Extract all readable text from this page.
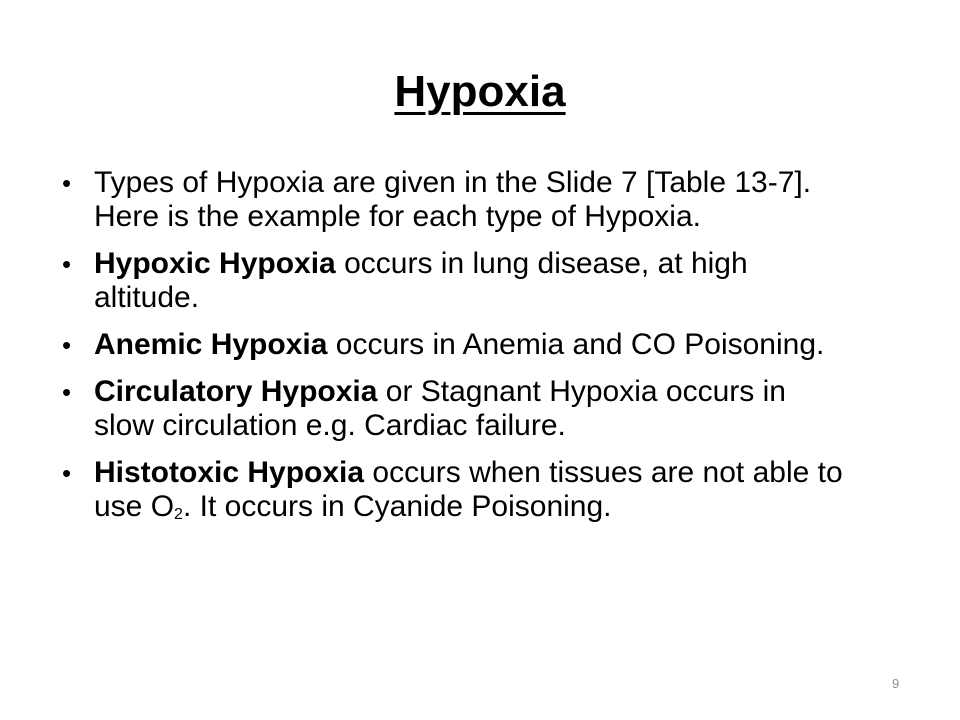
Hypoxia
• Types of Hypoxia are given in the Slide 7 [Table 13-7]. Here is the example for each type of Hypoxia.
• Hypoxic Hypoxia occurs in lung disease, at high altitude.
• Anemic Hypoxia occurs in Anemia and CO Poisoning.
• Circulatory Hypoxia or Stagnant Hypoxia occurs in slow circulation e.g. Cardiac failure.
• Histotoxic Hypoxia occurs when tissues are not able to use O2. It occurs in Cyanide Poisoning.
9
